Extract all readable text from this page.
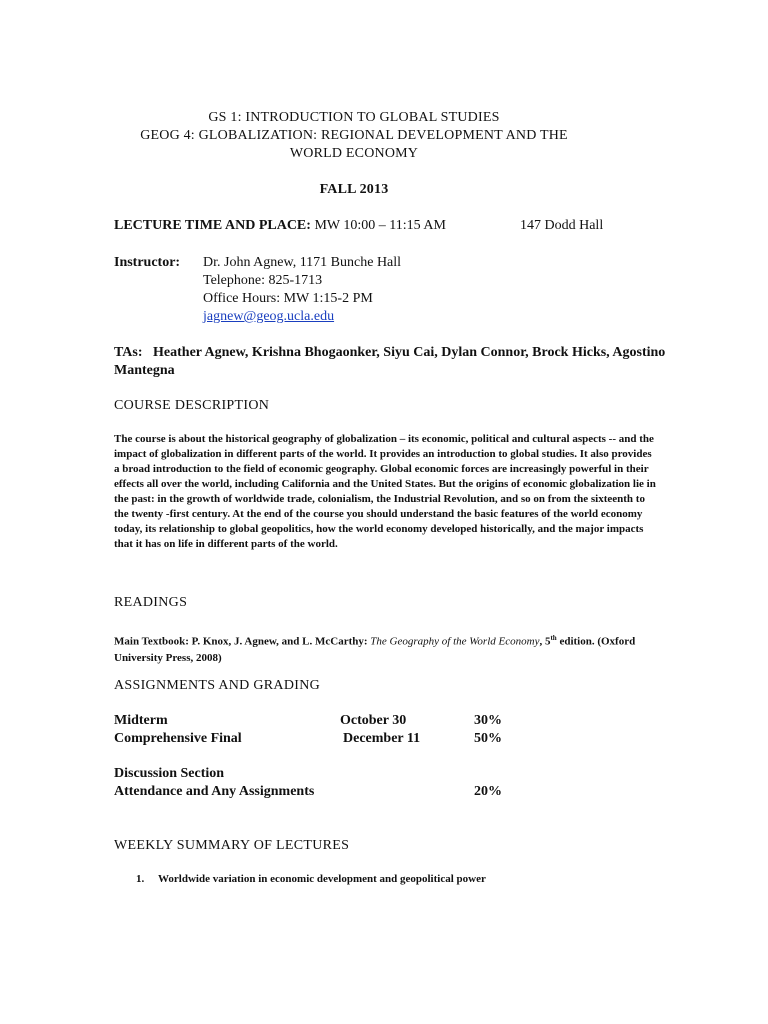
GS 1: INTRODUCTION TO GLOBAL STUDIES
GEOG 4: GLOBALIZATION: REGIONAL DEVELOPMENT AND THE
WORLD ECONOMY
FALL 2013
LECTURE TIME AND PLACE: MW 10:00 – 11:15 AM	147 Dodd Hall
Instructor: Dr. John Agnew, 1171 Bunche Hall
Telephone: 825-1713
Office Hours: MW 1:15-2 PM
jagnew@geog.ucla.edu
TAs: Heather Agnew, Krishna Bhogaonker, Siyu Cai, Dylan Connor, Brock Hicks, Agostino Mantegna
COURSE DESCRIPTION
The course is about the historical geography of globalization – its economic, political and cultural aspects -- and the impact of globalization in different parts of the world. It provides an introduction to global studies. It also provides a broad introduction to the field of economic geography. Global economic forces are increasingly powerful in their effects all over the world, including California and the United States. But the origins of economic globalization lie in the past: in the growth of worldwide trade, colonialism, the Industrial Revolution, and so on from the sixteenth to the twenty -first century. At the end of the course you should understand the basic features of the world economy today, its relationship to global geopolitics, how the world economy developed historically, and the major impacts that it has on life in different parts of the world.
READINGS
Main Textbook: P. Knox, J. Agnew, and L. McCarthy: The Geography of the World Economy, 5th edition. (Oxford University Press, 2008)
ASSIGNMENTS AND GRADING
Midterm	October 30	30%
Comprehensive Final	December 11	50%
Discussion Section
Attendance and Any Assignments	20%
WEEKLY SUMMARY OF LECTURES
1. Worldwide variation in economic development and geopolitical power
